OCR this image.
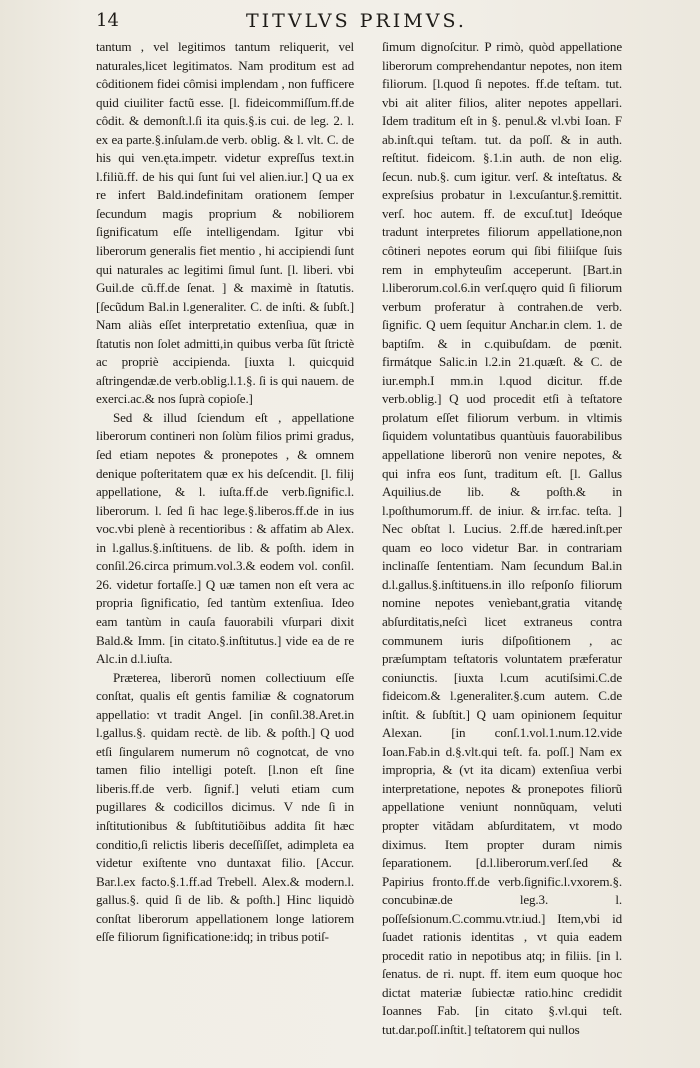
14	TITVLVS PRIMVS.

tantum , vel legitimos tantum reliquerit, vel naturales,licet legitimatos. Nam proditum est ad côditionem fidei cômisi implendam , non fufficere quid ciuiliter factũ esse. [l. fideicommiſſum.ff.de côdit. & demonſt.l.ſi ita quis.§.is cui. de leg. 2. l. ex ea parte.§.inſulam.de verb. oblig. & l. vlt. C. de his qui ven.ęta.impetr. videtur expreſſus text.in l.filiũ.ff. de his qui ſunt ſui vel alien.iur.] Q ua ex re infert Bald.indefinitam orationem ſemper ſecundum magis proprium & nobiliorem ſignificatum eſſe intelligendam. Igitur vbi liberorum generalis fiet mentio , hi accipiendi ſunt qui naturales ac legitimi ſimul ſunt. [l. liberi. vbi Guil.de cũ.ff.de ſenat. ] & maximè in ſtatutis. [ſecũdum Bal.in l.generaliter. C. de inſti. & ſubſt.] Nam aliàs eſſet interpretatio extenſiua, quæ in ſtatutis non ſolet admitti,in quibus verba ſũt ſtrictè ac propriè accipienda. [iuxta l. quicquid aſtringendæ.de verb.oblig.l.1.§. ſi is qui nauem. de exerci.ac.& nos ſuprà copioſe.]

Sed & illud ſciendum eſt , appellatione liberorum contineri non ſolùm filios primi gradus, ſed etiam nepotes & pronepotes , & omnem denique poſteritatem quæ ex his deſcendit. [l. filij appellatione, & l. iuſta.ff.de verb.ſignific.l. liberorum. l. ſed ſi hac lege.§.liberos.ff.de in ius voc.vbi plenè à recentioribus : & affatim ab Alex. in l.gallus.§.inſtituens. de lib. & poſth. idem in conſil.26.circa primum.vol.3.& eodem vol. conſil. 26. videtur fortaſſe.] Q uæ tamen non eſt vera ac propria ſignificatio, ſed tantùm extenſiua. Ideo eam tantùm in cauſa fauorabili vſurpari dixit Bald.& Imm. [in citato.§.inſtitutus.] vide ea de re Alc.in d.l.iuſta.

Præterea, liberorũ nomen collectiuum eſſe conſtat, qualis eſt gentis familiæ & cognatorum appellatio: vt tradit Angel. [in conſil.38.Aret.in l.gallus.§. quidam rectè. de lib. & poſth.] Q uod etſi ſingularem numerum nô cognotcat, de vno tamen filio intelligi poteſt. [l.non eſt ſine liberis.ff.de verb. ſignif.] veluti etiam cum pugillares & codicillos dicimus. V nde ſi in inſtitutionibus & ſubſtitutiõibus addita ſit hæc conditio,ſi relictis liberis deceſſiſſet, adimpleta ea videtur exiſtente vno duntaxat filio. [Accur. Bar.l.ex facto.§.1.ff.ad Trebell. Alex.& modern.l. gallus.§. quid ſi de lib. & poſth.] Hinc liquidò conſtat liberorum appellationem longe latiorem eſſe filiorum ſignificatione:idq; in tribus potiſ-

ſimum dignoſcitur. P rimò, quòd appellatione liberorum comprehendantur nepotes, non item filiorum. [l.quod ſi nepotes. ff.de teſtam. tut. vbi ait aliter filios, aliter nepotes appellari. Idem traditum eſt in §. penul.& vl.vbi Ioan. F ab.inſt.qui teſtam. tut. da poſſ. & in auth. reſtitut. fideicom. §.1.in auth. de non elig. ſecun. nub.§. cum igitur. verſ. & inteſtatus. & expreſsius probatur in l.excuſantur.§.remittit. verſ. hoc autem. ff. de excuſ.tut] Ideóque tradunt interpretes filiorum appellatione,non côtineri nepotes eorum qui ſibi filiiſque ſuis rem in emphyteuſim acceperunt. [Bart.in l.liberorum.col.6.in verſ.quęro quid ſi filiorum verbum proferatur à contrahen.de verb. ſignific. Q uem ſequitur Anchar.in clem. 1. de baptiſm. & in c.quibuſdam. de pœnit. firmátque Salic.in l.2.in 21.quæſt. & C. de iur.emph.I mm.in l.quod dicitur. ff.de verb.oblig.] Q uod procedit etſi à teſtatore prolatum eſſet filiorum verbum. in vltimis ſiquidem voluntatibus quantùuis fauorabilibus appellatione liberorũ non venire nepotes, & qui infra eos ſunt, traditum eſt. [l. Gallus Aquilius.de lib. & poſth.& in l.poſthumorum.ff. de iniur. & irr.fac. teſta. ] Nec obſtat l. Lucius. 2.ff.de hæred.inſt.per quam eo loco videtur Bar. in contrariam inclinaſſe ſententiam. Nam ſecundum Bal.in d.l.gallus.§.inſtituens.in illo reſponſo filiorum nomine nepotes venìebant,gratia vitandę abſurditatis,neſcì licet extraneus contra communem iuris diſpoſitionem , ac præſumptam teſtatoris voluntatem præferatur coniunctis. [iuxta l.cum acutiſsimi.C.de fideicom.& l.generaliter.§.cum autem. C.de inſtit. & ſubſtit.] Q uam opinionem ſequitur Alexan. [in conſ.1.vol.1.num.12.vide Ioan.Fab.in d.§.vlt.qui teſt. fa. poſſ.] Nam ex impropria, & (vt ita dicam) extenſiua verbi interpretatione, nepotes & pronepotes filiorũ appellatione veniunt nonnũquam, veluti propter vitãdam abſurditatem, vt modo diximus. Item propter duram nimis ſeparationem. [d.l.liberorum.verſ.ſed & Papirius fronto.ff.de verb.ſignific.l.vxorem.§. concubinæ.de leg.3. l. poſſeſsionum.C.commu.vtr.iud.] Item,vbi id ſuadet rationis identitas , vt quia eadem procedit ratio in nepotibus atq; in filiis. [in l. ſenatus. de ri. nupt. ff. item eum quoque hoc dictat materiæ ſubiectæ ratio.hinc credidit Ioannes Fab. [in citato §.vl.qui teſt. tut.dar.poſſ.inſtit.] teſtatorem qui nullos
